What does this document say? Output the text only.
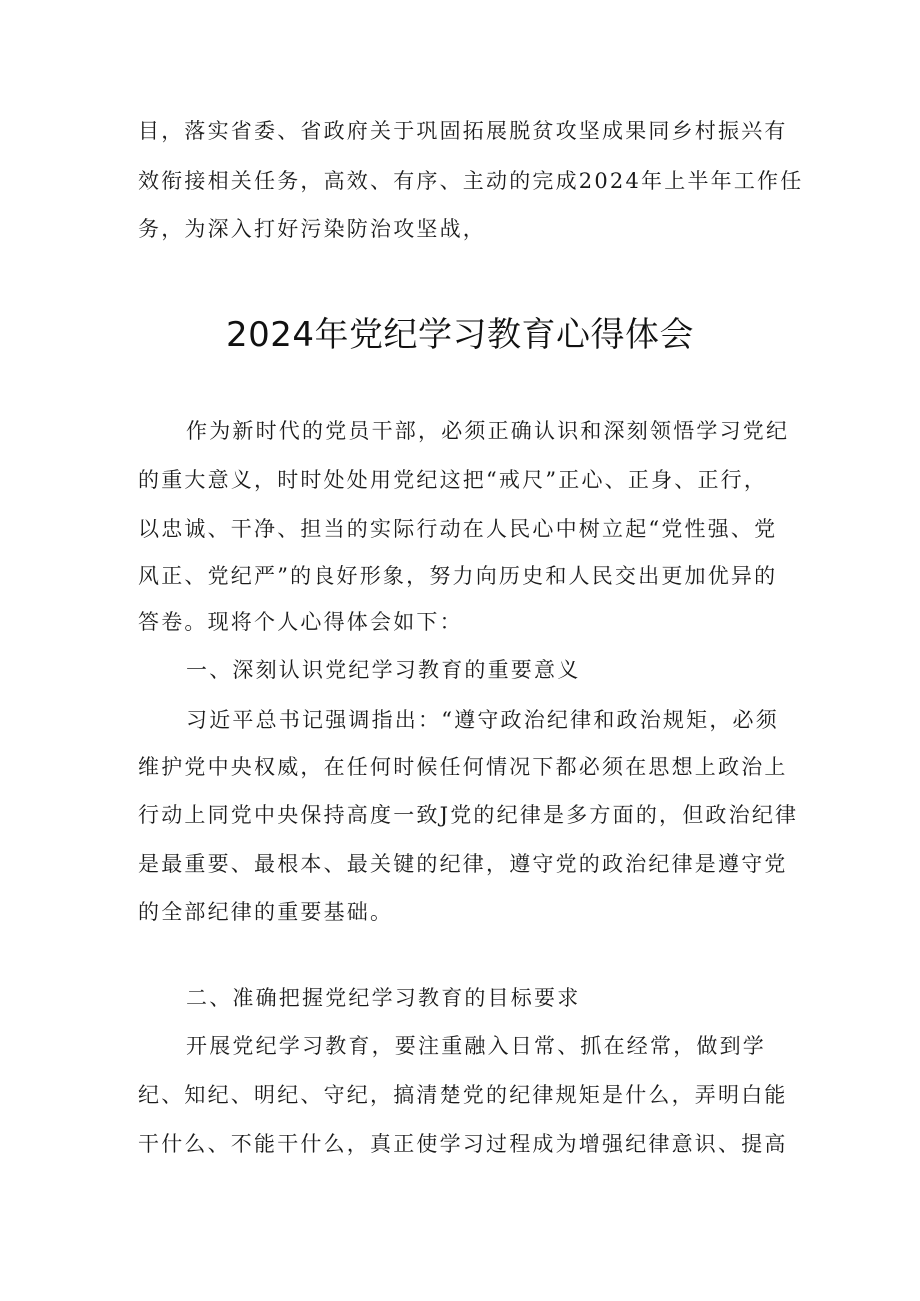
目，落实省委、省政府关于巩固拓展脱贫攻坚成果同乡村振兴有
效衔接相关任务，高效、有序、主动的完成2024年上半年工作任
务，为深入打好污染防治攻坚战，
2024年党纪学习教育心得体会
作为新时代的党员干部，必须正确认识和深刻领悟学习党纪
的重大意义，时时处处用党纪这把“戒尺”正心、正身、正行，
以忠诚、干净、担当的实际行动在人民心中树立起“党性强、党
风正、党纪严”的良好形象，努力向历史和人民交出更加优异的
答卷。现将个人心得体会如下：
一、深刻认识党纪学习教育的重要意义
习近平总书记强调指出：“遵守政治纪律和政治规矩，必须
维护党中央权威，在任何时候任何情况下都必须在思想上政治上
行动上同党中央保持高度一致J党的纪律是多方面的，但政治纪律
是最重要、最根本、最关键的纪律，遵守党的政治纪律是遵守党
的全部纪律的重要基础。
二、准确把握党纪学习教育的目标要求
开展党纪学习教育，要注重融入日常、抓在经常，做到学
纪、知纪、明纪、守纪，搞清楚党的纪律规矩是什么，弄明白能
干什么、不能干什么，真正使学习过程成为增强纪律意识、提高
